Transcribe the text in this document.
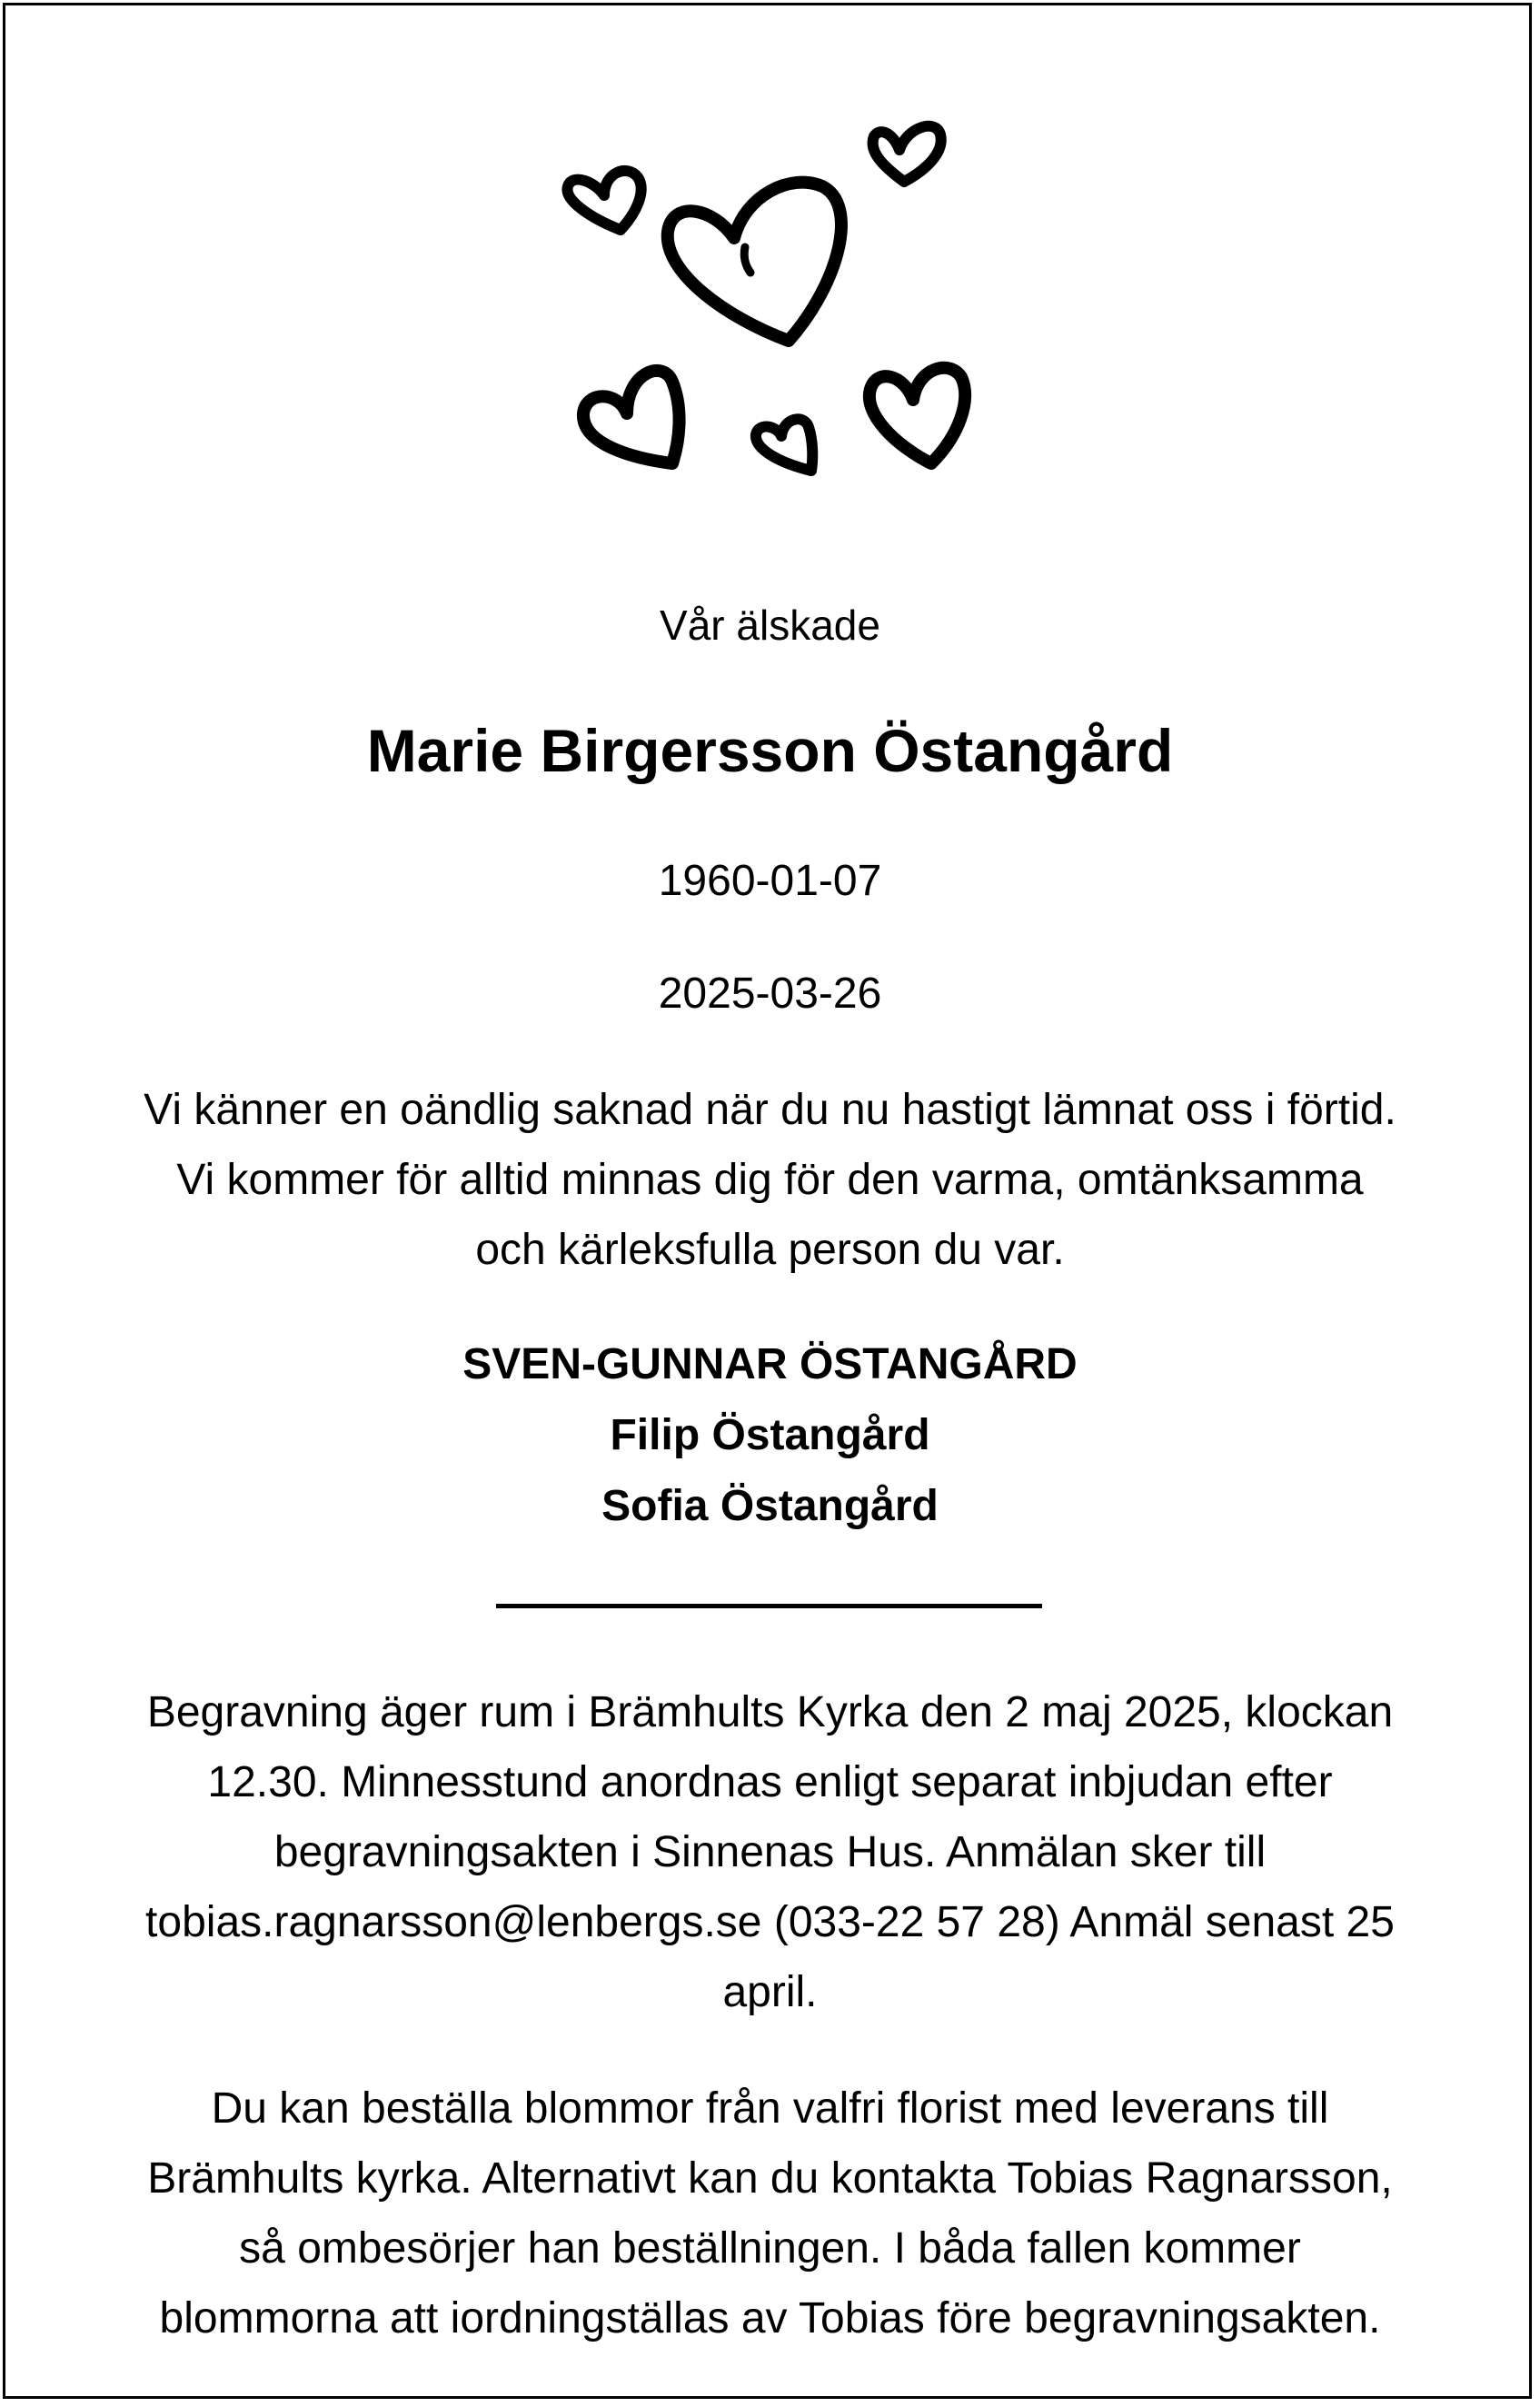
Vår älskade
Marie Birgersson Östangård
1960-01-07
2025-03-26

Vi känner en oändlig saknad när du nu hastigt lämnat oss i förtid.
Vi kommer för alltid minnas dig för den varma, omtänksamma
och kärleksfulla person du var.

SVEN-GUNNAR ÖSTANGÅRD
Filip Östangård
Sofia Östangård

Begravning äger rum i Brämhults Kyrka den 2 maj 2025, klockan
12.30. Minnesstund anordnas enligt separat inbjudan efter
begravningsakten i Sinnenas Hus. Anmälan sker till
tobias.ragnarsson@lenbergs.se (033-22 57 28) Anmäl senast 25
april.

Du kan beställa blommor från valfri florist med leverans till
Brämhults kyrka. Alternativt kan du kontakta Tobias Ragnarsson,
så ombesörjer han beställningen. I båda fallen kommer
blommorna att iordningställas av Tobias före begravningsakten.
